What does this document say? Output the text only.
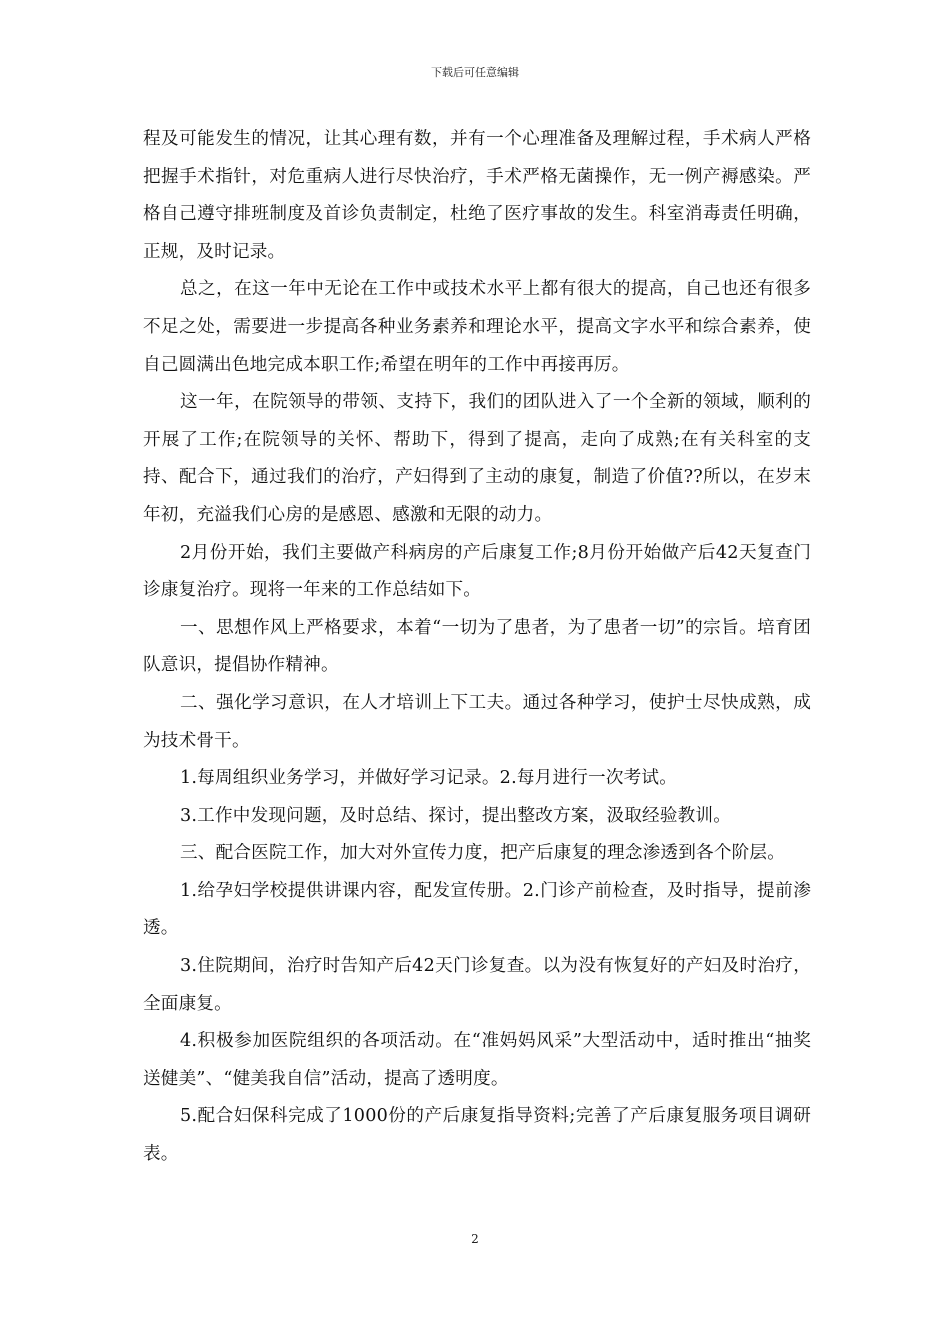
下载后可任意编辑

程及可能发生的情况，让其心理有数，并有一个心理准备及理解过程，手术病人严格把握手术指针，对危重病人进行尽快治疗，手术严格无菌操作，无一例产褥感染。严格自己遵守排班制度及首诊负责制定，杜绝了医疗事故的发生。科室消毒责任明确，正规，及时记录。

总之，在这一年中无论在工作中或技术水平上都有很大的提高，自己也还有很多不足之处，需要进一步提高各种业务素养和理论水平，提高文字水平和综合素养，使自己圆满出色地完成本职工作;希望在明年的工作中再接再厉。

这一年，在院领导的带领、支持下，我们的团队进入了一个全新的领域，顺利的开展了工作;在院领导的关怀、帮助下，得到了提高，走向了成熟;在有关科室的支持、配合下，通过我们的治疗，产妇得到了主动的康复，制造了价值??所以，在岁末年初，充溢我们心房的是感恩、感激和无限的动力。

2月份开始，我们主要做产科病房的产后康复工作;8月份开始做产后42天复查门诊康复治疗。现将一年来的工作总结如下。

一、思想作风上严格要求，本着“一切为了患者，为了患者一切”的宗旨。培育团队意识，提倡协作精神。

二、强化学习意识，在人才培训上下工夫。通过各种学习，使护士尽快成熟，成为技术骨干。

1.每周组织业务学习，并做好学习记录。2.每月进行一次考试。

3.工作中发现问题，及时总结、探讨，提出整改方案，汲取经验教训。

三、配合医院工作，加大对外宣传力度，把产后康复的理念渗透到各个阶层。

1.给孕妇学校提供讲课内容，配发宣传册。2.门诊产前检查，及时指导，提前渗透。

3.住院期间，治疗时告知产后42天门诊复查。以为没有恢复好的产妇及时治疗，全面康复。

4.积极参加医院组织的各项活动。在“准妈妈风采”大型活动中，适时推出“抽奖送健美”、“健美我自信”活动，提高了透明度。

5.配合妇保科完成了1000份的产后康复指导资料;完善了产后康复服务项目调研表。

2
